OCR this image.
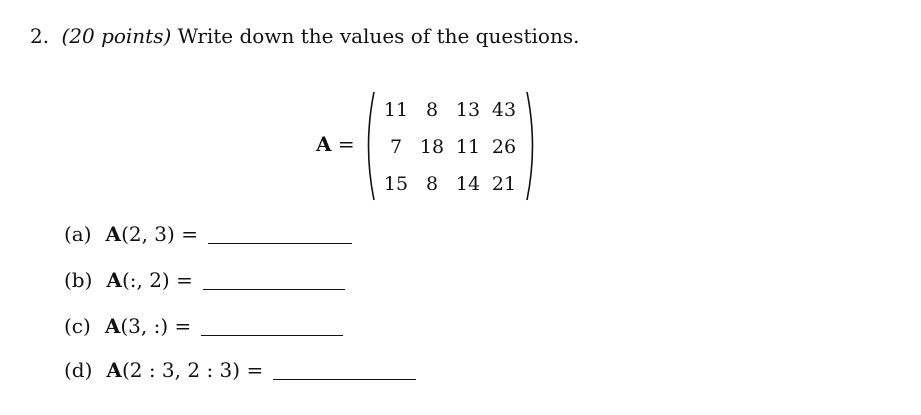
2. (20 points) Write down the values of the questions.
A =
11 8 13 43
7 18 11 26
15 8 14 21
(a) A(2, 3) =
(b) A(:, 2) =
(c) A(3, :) =
(d) A(2 : 3, 2 : 3) =
